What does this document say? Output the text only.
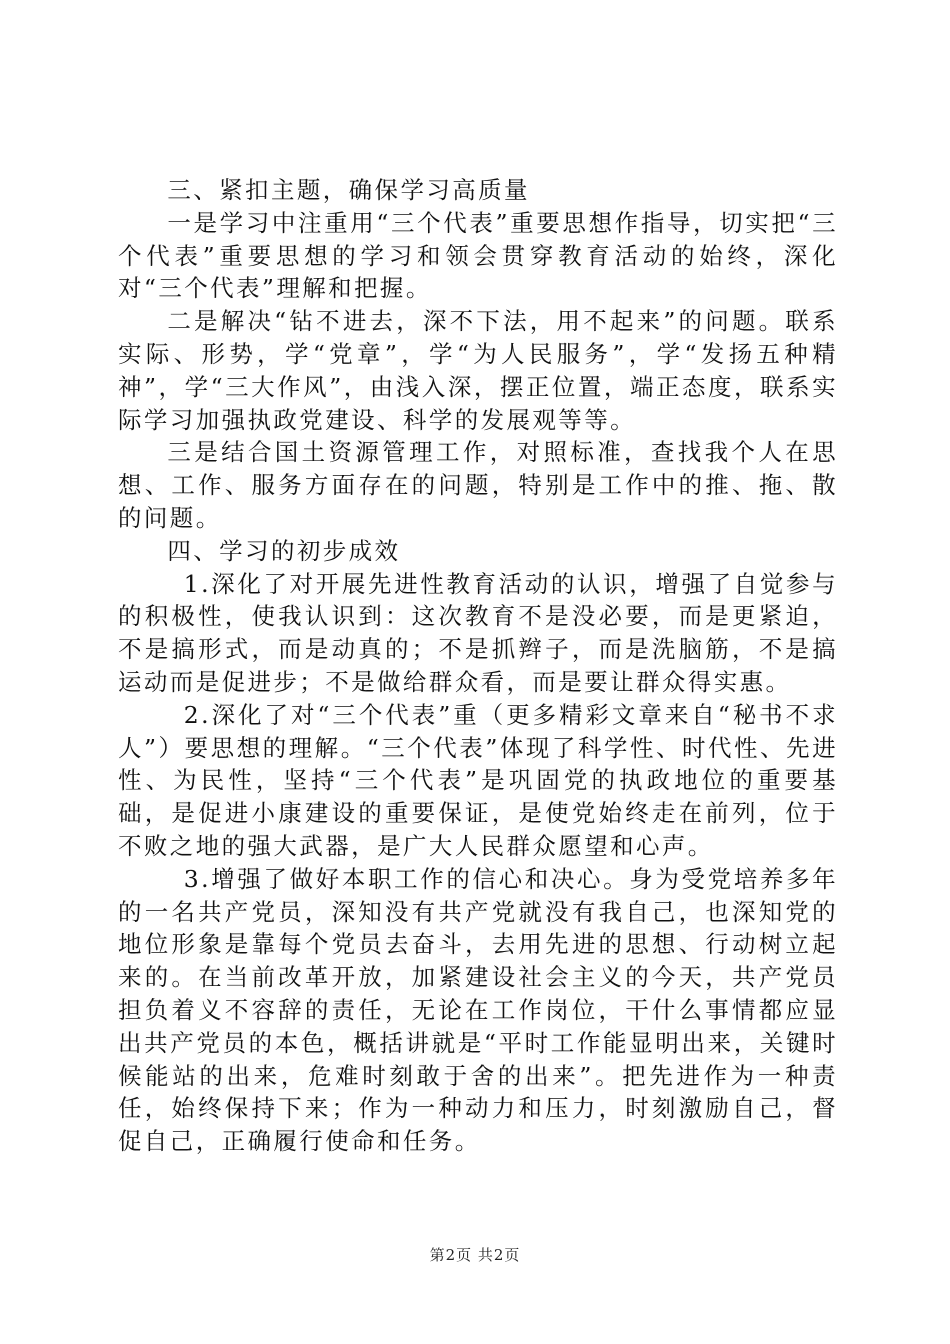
三、紧扣主题，确保学习高质量

一是学习中注重用“三个代表”重要思想作指导，切实把“三个代表”重要思想的学习和领会贯穿教育活动的始终，深化对“三个代表”理解和把握。

二是解决“钻不进去，深不下法，用不起来”的问题。联系实际、形势，学“党章”，学“为人民服务”，学“发扬五种精神”，学“三大作风”，由浅入深，摆正位置，端正态度，联系实际学习加强执政党建设、科学的发展观等等。

三是结合国土资源管理工作，对照标准，查找我个人在思想、工作、服务方面存在的问题，特别是工作中的推、拖、散的问题。

四、学习的初步成效

1.深化了对开展先进性教育活动的认识，增强了自觉参与的积极性，使我认识到：这次教育不是没必要，而是更紧迫，不是搞形式，而是动真的；不是抓辫子，而是洗脑筋，不是搞运动而是促进步；不是做给群众看，而是要让群众得实惠。

2.深化了对“三个代表”重（更多精彩文章来自“秘书不求人”）要思想的理解。“三个代表”体现了科学性、时代性、先进性、为民性，坚持“三个代表”是巩固党的执政地位的重要基础，是促进小康建设的重要保证，是使党始终走在前列，位于不败之地的强大武器，是广大人民群众愿望和心声。

3.增强了做好本职工作的信心和决心。身为受党培养多年的一名共产党员，深知没有共产党就没有我自己，也深知党的地位形象是靠每个党员去奋斗，去用先进的思想、行动树立起来的。在当前改革开放，加紧建设社会主义的今天，共产党员担负着义不容辞的责任，无论在工作岗位，干什么事情都应显出共产党员的本色，概括讲就是“平时工作能显明出来，关键时候能站的出来，危难时刻敢于舍的出来”。把先进作为一种责任，始终保持下来；作为一种动力和压力，时刻激励自己，督促自己，正确履行使命和任务。

第2页 共2页
